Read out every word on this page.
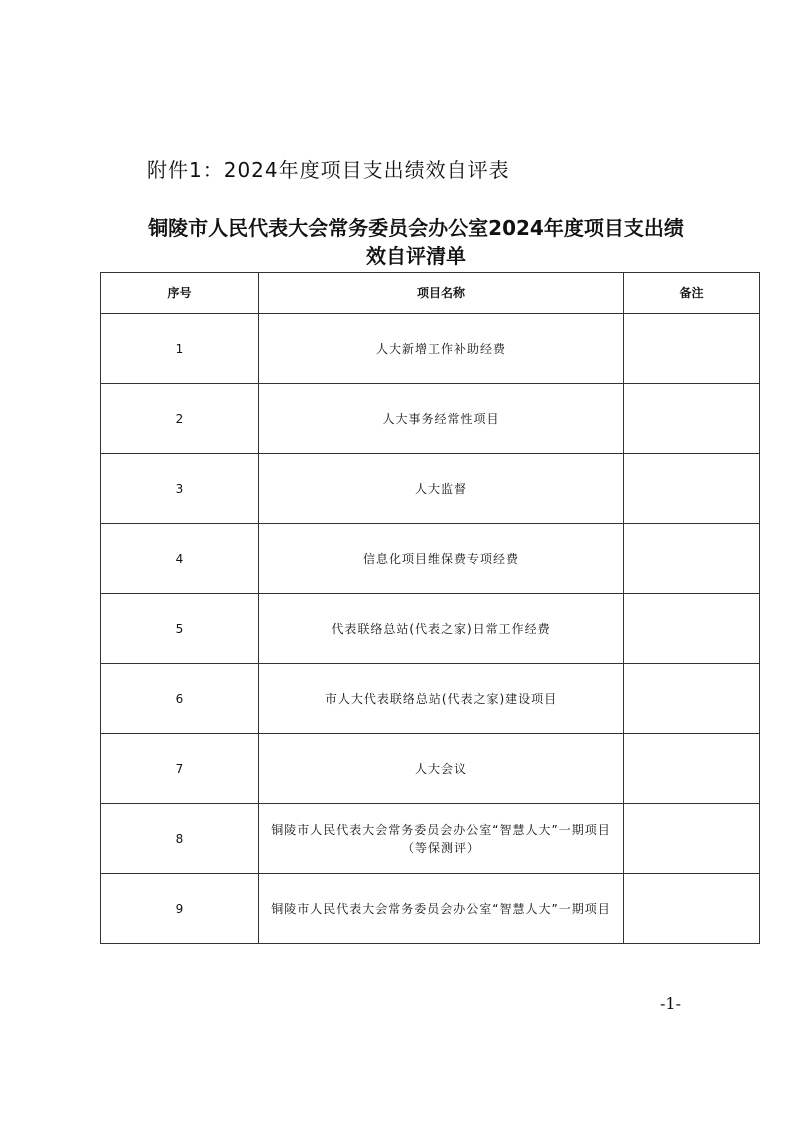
附件1：2024年度项目支出绩效自评表
铜陵市人民代表大会常务委员会办公室2024年度项目支出绩
效自评清单
序号	项目名称	备注
1	人大新增工作补助经费	
2	人大事务经常性项目	
3	人大监督	
4	信息化项目维保费专项经费	
5	代表联络总站(代表之家)日常工作经费	
6	市人大代表联络总站(代表之家)建设项目	
7	人大会议	
8	铜陵市人民代表大会常务委员会办公室“智慧人大”一期项目（等保测评）	
9	铜陵市人民代表大会常务委员会办公室“智慧人大”一期项目	
-1-
